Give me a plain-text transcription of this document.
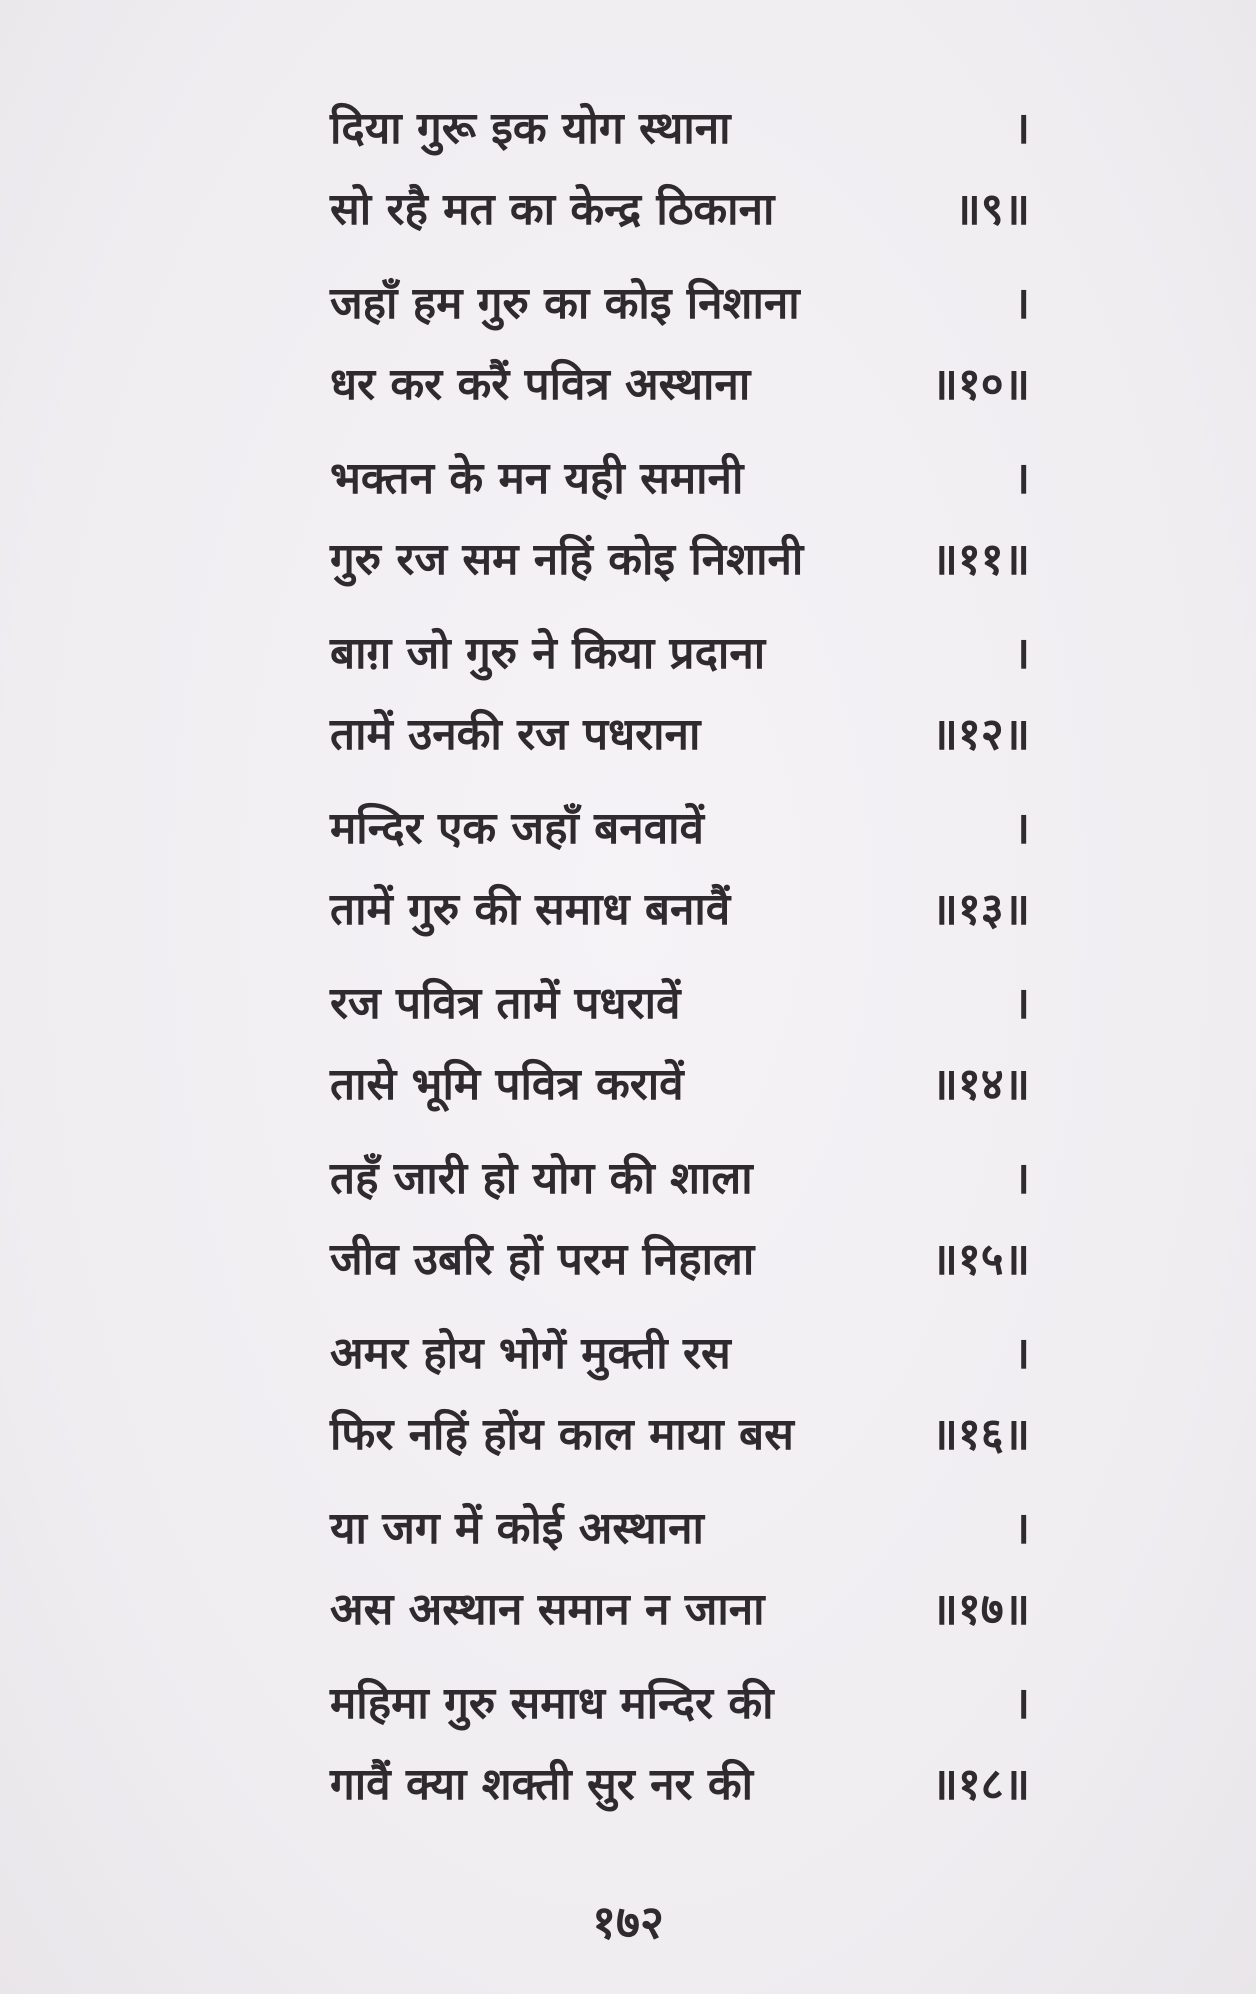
दिया गुरू इक योग स्थाना	।
सो रहै मत का केन्द्र ठिकाना	॥९॥
जहाँ हम गुरु का कोइ निशाना	।
धर कर करैं पवित्र अस्थाना	॥१०॥
भक्तन के मन यही समानी	।
गुरु रज सम नहिं कोइ निशानी	॥११॥
बाग़ जो गुरु ने किया प्रदाना	।
तामें उनकी रज पधराना	॥१२॥
मन्दिर एक जहाँ बनवावें	।
तामें गुरु की समाध बनावैं	॥१३॥
रज पवित्र तामें पधरावें	।
तासे भूमि पवित्र करावें	॥१४॥
तहँ जारी हो योग की शाला	।
जीव उबरि हों परम निहाला	॥१५॥
अमर होय भोगें मुक्ती रस	।
फिर नहिं होंय काल माया बस	॥१६॥
या जग में कोई अस्थाना	।
अस अस्थान समान न जाना	॥१७॥
महिमा गुरु समाध मन्दिर की	।
गावैं क्या शक्ती सुर नर की	॥१८॥
१७२
